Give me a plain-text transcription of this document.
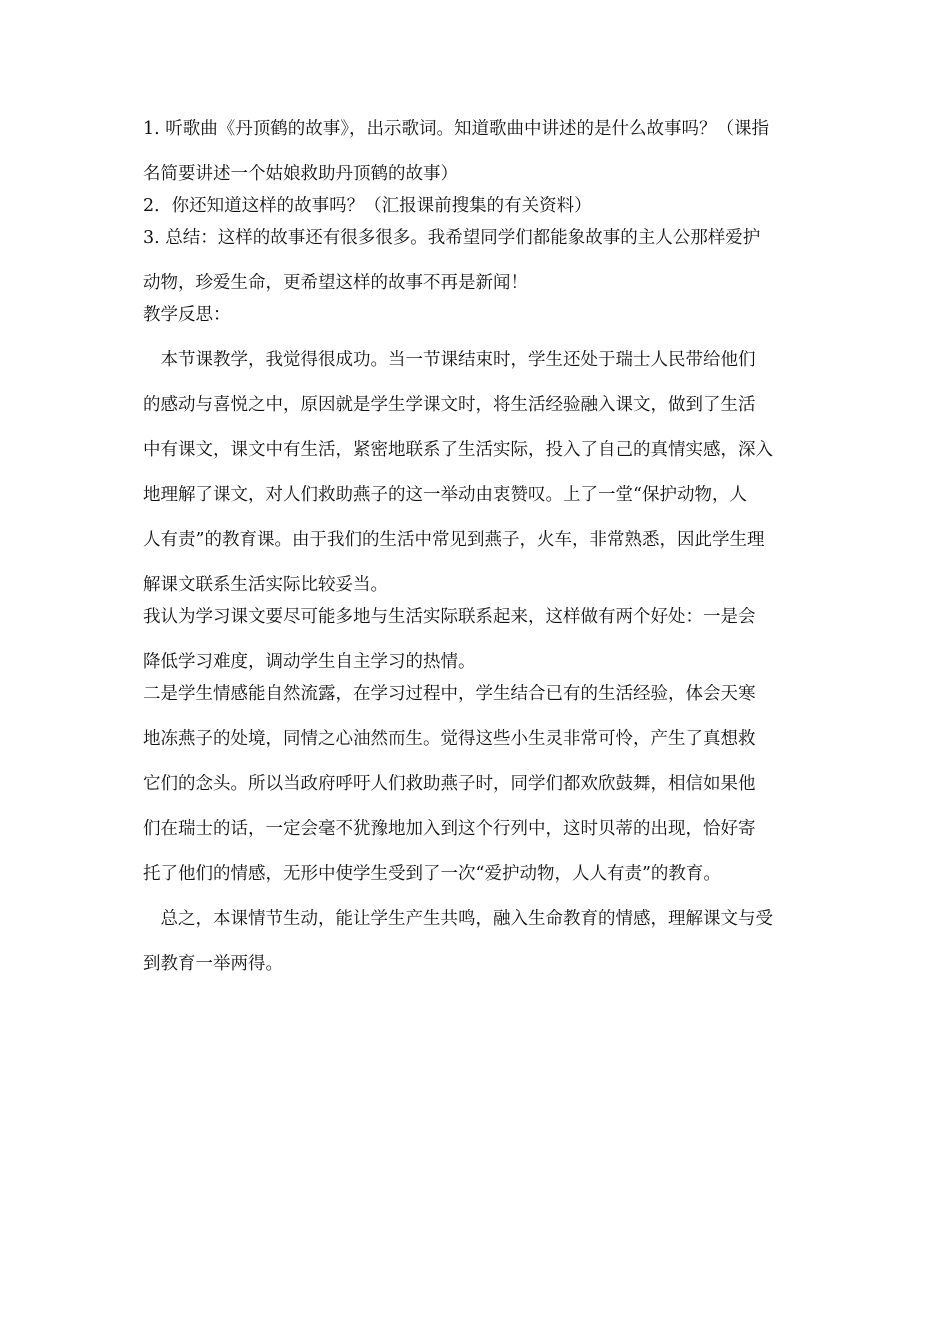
1. 听歌曲《丹顶鹤的故事》，出示歌词。知道歌曲中讲述的是什么故事吗？（课指
名简要讲述一个姑娘救助丹顶鹤的故事）
2．你还知道这样的故事吗？（汇报课前搜集的有关资料）
3. 总结：这样的故事还有很多很多。我希望同学们都能象故事的主人公那样爱护
动物，珍爱生命，更希望这样的故事不再是新闻！
教学反思：
　本节课教学，我觉得很成功。当一节课结束时，学生还处于瑞士人民带给他们
的感动与喜悦之中，原因就是学生学课文时，将生活经验融入课文，做到了生活
中有课文，课文中有生活，紧密地联系了生活实际，投入了自己的真情实感，深入
地理解了课文，对人们救助燕子的这一举动由衷赞叹。上了一堂“保护动物，人
人有责”的教育课。由于我们的生活中常见到燕子，火车，非常熟悉，因此学生理
解课文联系生活实际比较妥当。
我认为学习课文要尽可能多地与生活实际联系起来，这样做有两个好处：一是会
降低学习难度，调动学生自主学习的热情。
二是学生情感能自然流露，在学习过程中，学生结合已有的生活经验，体会天寒
地冻燕子的处境，同情之心油然而生。觉得这些小生灵非常可怜，产生了真想救
它们的念头。所以当政府呼吁人们救助燕子时，同学们都欢欣鼓舞，相信如果他
们在瑞士的话，一定会毫不犹豫地加入到这个行列中，这时贝蒂的出现，恰好寄
托了他们的情感，无形中使学生受到了一次“爱护动物，人人有责”的教育。
　总之，本课情节生动，能让学生产生共鸣，融入生命教育的情感，理解课文与受
到教育一举两得。
